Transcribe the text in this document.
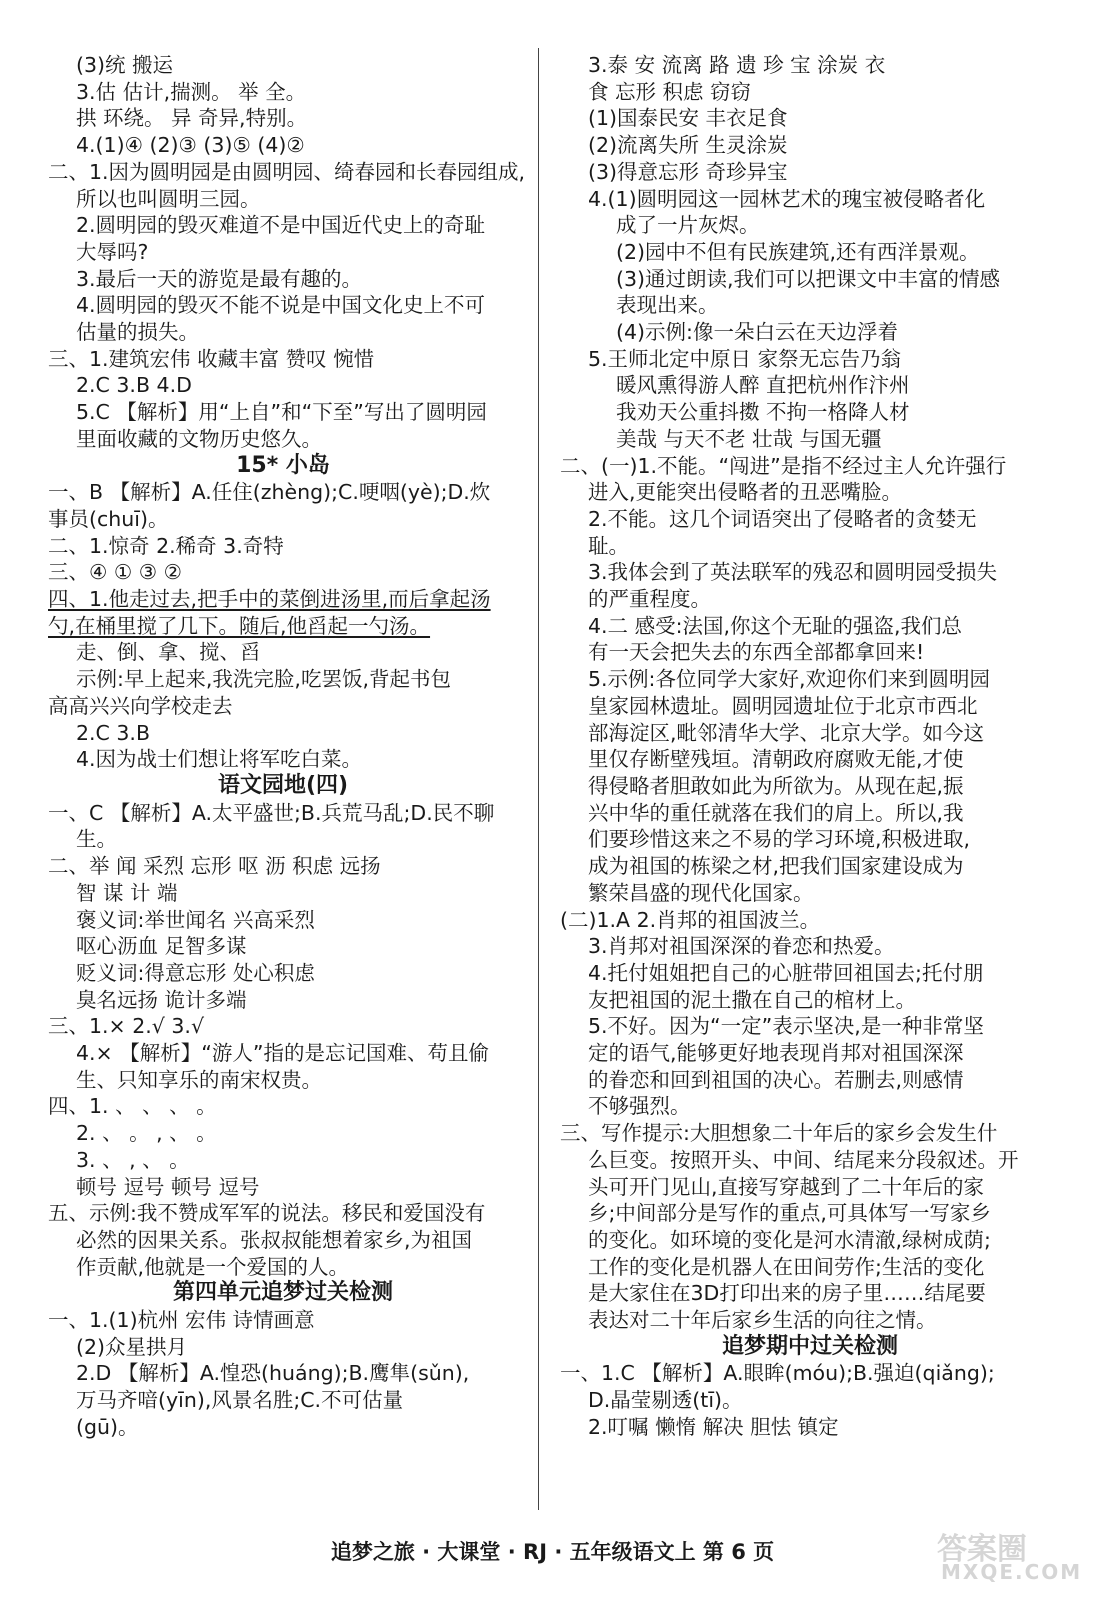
(3)统 搬运
3.估 估计,揣测。 举 全。
拱 环绕。 异 奇异,特别。
4.(1)④ (2)③ (3)⑤ (4)②
二、1.因为圆明园是由圆明园、绮春园和长春园组成,
所以也叫圆明三园。
2.圆明园的毁灭难道不是中国近代史上的奇耻
大辱吗?
3.最后一天的游览是最有趣的。
4.圆明园的毁灭不能不说是中国文化史上不可
估量的损失。
三、1.建筑宏伟 收藏丰富 赞叹 惋惜
2.C 3.B 4.D
5.C 【解析】用“上自”和“下至”写出了圆明园
里面收藏的文物历史悠久。
15* 小岛
一、B 【解析】A.任住(zhèng);C.哽咽(yè);D.炊
事员(chuī)。
二、1.惊奇 2.稀奇 3.奇特
三、④ ① ③ ②
四、1.他走过去,把手中的菜倒进汤里,而后拿起汤
勺,在桶里搅了几下。随后,他舀起一勺汤。
走、倒、拿、搅、舀
示例:早上起来,我洗完脸,吃罢饭,背起书包
高高兴兴向学校走去
2.C 3.B
4.因为战士们想让将军吃白菜。
语文园地(四)
一、C 【解析】A.太平盛世;B.兵荒马乱;D.民不聊
生。
二、举 闻 采烈 忘形 呕 沥 积虑 远扬
智 谋 计 端
褒义词:举世闻名 兴高采烈
呕心沥血 足智多谋
贬义词:得意忘形 处心积虑
臭名远扬 诡计多端
三、1.× 2.√ 3.√
4.× 【解析】“游人”指的是忘记国难、苟且偷
生、只知享乐的南宋权贵。
四、1. 、 、 、 。
2. 、 。 , 、 。
3. 、 , 、 。
顿号 逗号 顿号 逗号
五、示例:我不赞成军军的说法。移民和爱国没有
必然的因果关系。张叔叔能想着家乡,为祖国
作贡献,他就是一个爱国的人。
第四单元追梦过关检测
一、1.(1)杭州 宏伟 诗情画意
(2)众星拱月
2.D 【解析】A.惶恐(huáng);B.鹰隼(sǔn),
万马齐喑(yīn),风景名胜;C.不可估量
(gū)。
3.泰 安 流离 路 遗 珍 宝 涂炭 衣
食 忘形 积虑 窃窃
(1)国泰民安 丰衣足食
(2)流离失所 生灵涂炭
(3)得意忘形 奇珍异宝
4.(1)圆明园这一园林艺术的瑰宝被侵略者化
成了一片灰烬。
(2)园中不但有民族建筑,还有西洋景观。
(3)通过朗读,我们可以把课文中丰富的情感
表现出来。
(4)示例:像一朵白云在天边浮着
5.王师北定中原日 家祭无忘告乃翁
暖风熏得游人醉 直把杭州作汴州
我劝天公重抖擞 不拘一格降人材
美哉 与天不老 壮哉 与国无疆
二、(一)1.不能。“闯进”是指不经过主人允许强行
进入,更能突出侵略者的丑恶嘴脸。
2.不能。这几个词语突出了侵略者的贪婪无
耻。
3.我体会到了英法联军的残忍和圆明园受损失
的严重程度。
4.二 感受:法国,你这个无耻的强盗,我们总
有一天会把失去的东西全部都拿回来!
5.示例:各位同学大家好,欢迎你们来到圆明园
皇家园林遗址。圆明园遗址位于北京市西北
部海淀区,毗邻清华大学、北京大学。如今这
里仅存断壁残垣。清朝政府腐败无能,才使
得侵略者胆敢如此为所欲为。从现在起,振
兴中华的重任就落在我们的肩上。所以,我
们要珍惜这来之不易的学习环境,积极进取,
成为祖国的栋梁之材,把我们国家建设成为
繁荣昌盛的现代化国家。
(二)1.A 2.肖邦的祖国波兰。
3.肖邦对祖国深深的眷恋和热爱。
4.托付姐姐把自己的心脏带回祖国去;托付朋
友把祖国的泥土撒在自己的棺材上。
5.不好。因为“一定”表示坚决,是一种非常坚
定的语气,能够更好地表现肖邦对祖国深深
的眷恋和回到祖国的决心。若删去,则感情
不够强烈。
三、写作提示:大胆想象二十年后的家乡会发生什
么巨变。按照开头、中间、结尾来分段叙述。开
头可开门见山,直接写穿越到了二十年后的家
乡;中间部分是写作的重点,可具体写一写家乡
的变化。如环境的变化是河水清澈,绿树成荫;
工作的变化是机器人在田间劳作;生活的变化
是大家住在3D打印出来的房子里……结尾要
表达对二十年后家乡生活的向往之情。
追梦期中过关检测
一、1.C 【解析】A.眼眸(móu);B.强迫(qiǎng);
D.晶莹剔透(tī)。
2.叮嘱 懒惰 解决 胆怯 镇定
追梦之旅 · 大课堂 · RJ · 五年级语文上 第 6 页	答案圈
MXQE.COM
